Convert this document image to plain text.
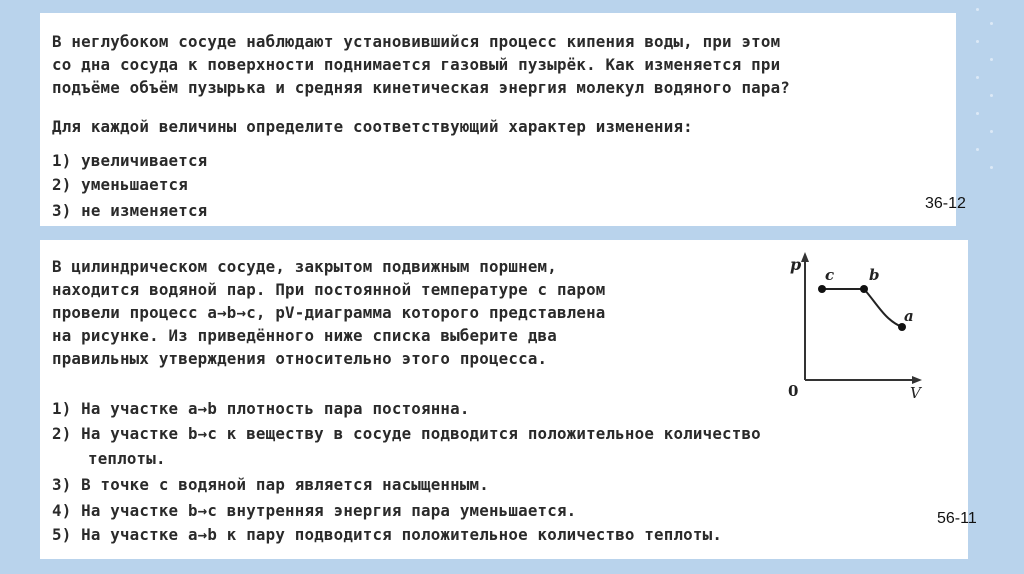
В неглубоком сосуде наблюдают установившийся процесс кипения воды, при этом
со дна сосуда к поверхности поднимается газовый пузырёк. Как изменяется при
подъёме объём пузырька и средняя кинетическая энергия молекул водяного пара?
Для каждой величины определите соответствующий характер изменения:
1) увеличивается
2) уменьшается
3) не изменяется	36-12
В цилиндрическом сосуде, закрытом подвижным поршнем,
находится водяной пар. При постоянной температуре с паром
провели процесс a→b→c, pV-диаграмма которого представлена
на рисунке. Из приведённого ниже списка выберите два
правильных утверждения относительно этого процесса.
1) На участке a→b плотность пара постоянна.
2) На участке b→c к веществу в сосуде подводится положительное количество
теплоты.
3) В точке c водяной пар является насыщенным.
4) На участке b→c внутренняя энергия пара уменьшается.
5) На участке a→b к пару подводится положительное количество теплоты.
56-11
p
V
0
c b
a
